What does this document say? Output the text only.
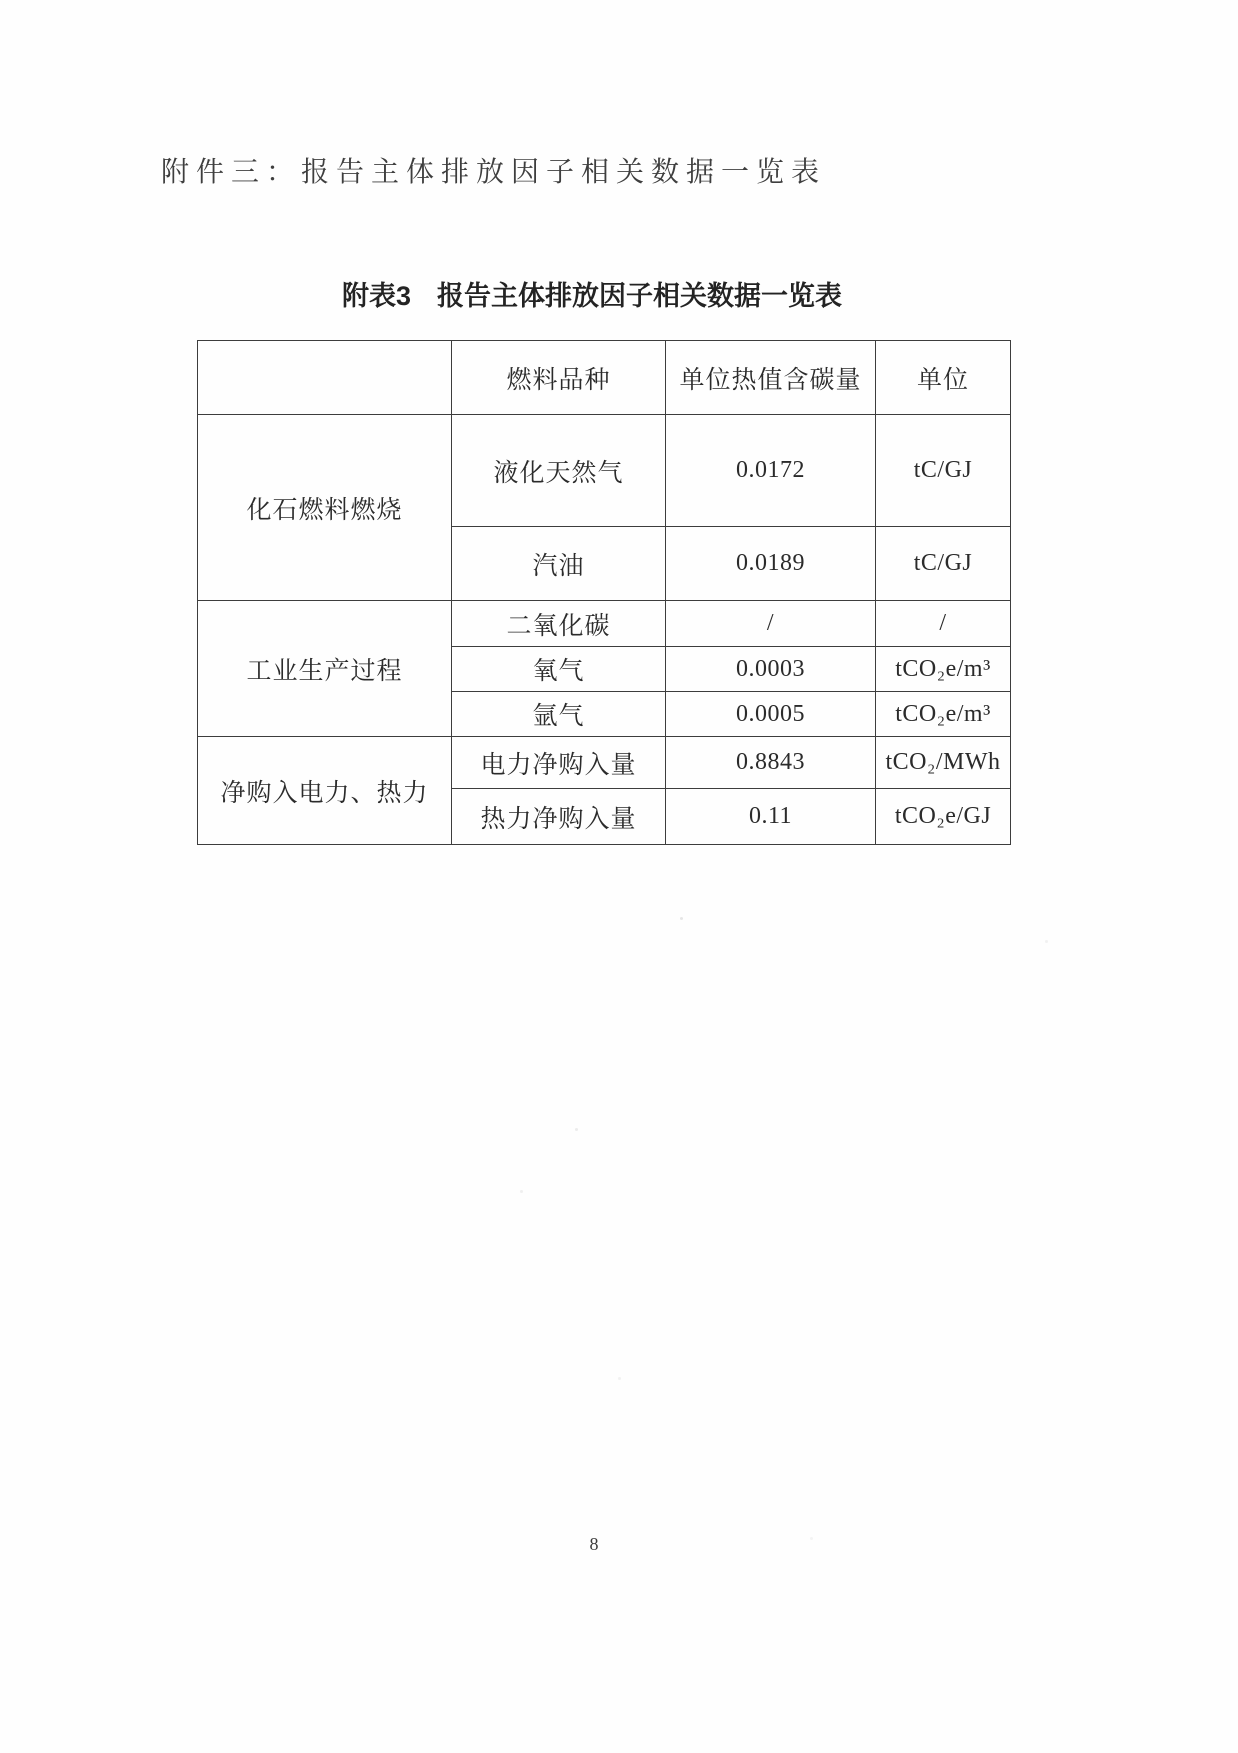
附件三：报告主体排放因子相关数据一览表
附表3 报告主体排放因子相关数据一览表
	燃料品种	单位热值含碳量	单位
化石燃料燃烧	液化天然气	0.0172	tC/GJ
	汽油	0.0189	tC/GJ
工业生产过程	二氧化碳	/	/
	氧气	0.0003	tCO₂e/m³
	氩气	0.0005	tCO₂e/m³
净购入电力、热力	电力净购入量	0.8843	tCO₂/MWh
	热力净购入量	0.11	tCO₂e/GJ
8
